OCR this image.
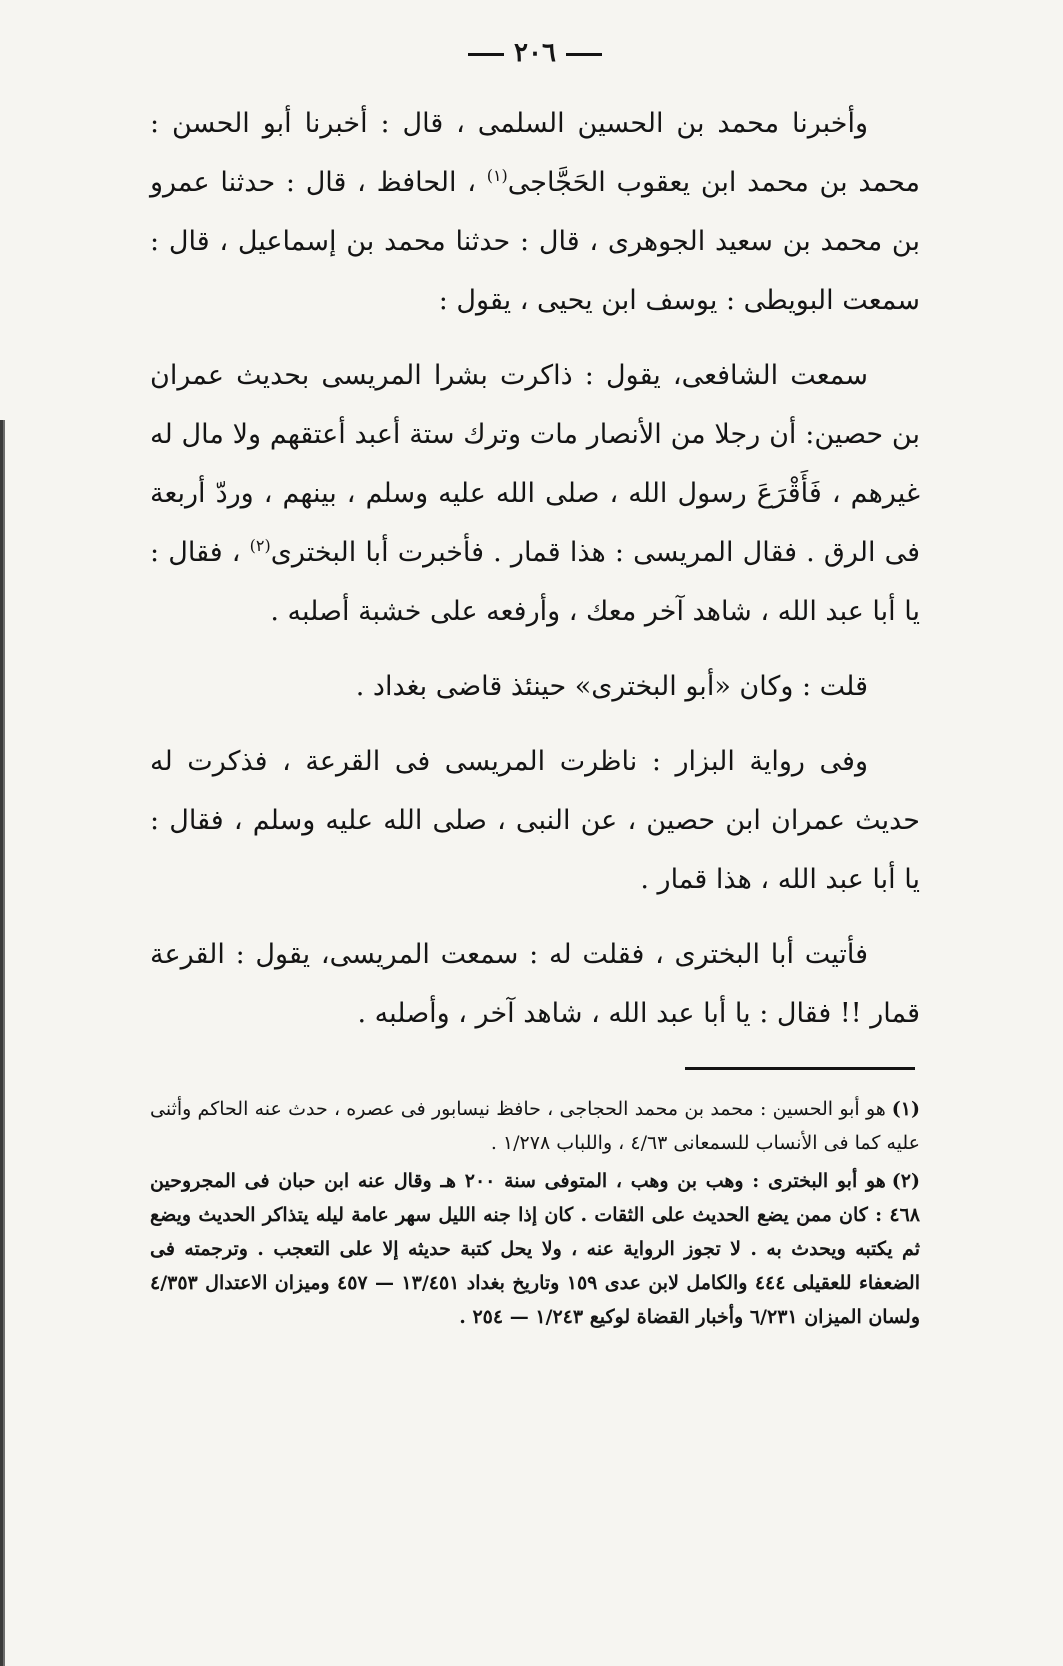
٢٠٦

وأخبرنا محمد بن الحسين السلمى ، قال : أخبرنا أبو الحسن : محمد بن محمد ابن يعقوب الحَجَّاجى$^{(١)}$ ، الحافظ ، قال : حدثنا عمرو بن محمد بن سعيد الجوهرى ، قال : حدثنا محمد بن إسماعيل ، قال : سمعت البويطى : يوسف ابن يحيى ، يقول :

سمعت الشافعى، يقول : ذاكرت بشرا المريسى بحديث عمران بن حصين: أن رجلا من الأنصار مات وترك ستة أعبد أعتقهم ولا مال له غيرهم ، فَأَقْرَعَ رسول الله ، صلى الله عليه وسلم ، بينهم ، وردّ أربعة فى الرق . فقال المريسى : هذا قمار . فأخبرت أبا البخترى$^{(٢)}$ ، فقال : يا أبا عبد الله ، شاهد آخر معك ، وأرفعه على خشبة أصلبه .

قلت : وكان «أبو البخترى» حينئذ قاضى بغداد .

وفى رواية البزار : ناظرت المريسى فى القرعة ، فذكرت له حديث عمران ابن حصين ، عن النبى ، صلى الله عليه وسلم ، فقال : يا أبا عبد الله ، هذا قمار .

فأتيت أبا البخترى ، فقلت له : سمعت المريسى، يقول : القرعة قمار !! فقال : يا أبا عبد الله ، شاهد آخر ، وأصلبه .

(١)هو أبو الحسين : محمد بن محمد الحجاجى ، حافظ نيسابور فى عصره ، حدث عنه الحاكم وأثنى عليه كما فى الأنساب للسمعانى ٤/٦٣ ، واللباب ١/٢٧٨ .

(٢)هو أبو البخترى : وهب بن وهب ، المتوفى سنة ٢٠٠ هـ وقال عنه ابن حبان فى المجروحين ٤٦٨ : كان ممن يضع الحديث على الثقات . كان إذا جنه الليل سهر عامة ليله يتذاكر الحديث ويضع ثم يكتبه ويحدث به . لا تجوز الرواية عنه ، ولا يحل كتبة حديثه إلا على التعجب . وترجمته فى الضعفاء للعقيلى ٤٤٤ والكامل لابن عدى ١٥٩ وتاريخ بغداد ١٣/٤٥١ — ٤٥٧ وميزان الاعتدال ٤/٣٥٣ ولسان الميزان ٦/٢٣١ وأخبار القضاة لوكيع ١/٢٤٣ — ٢٥٤ .
